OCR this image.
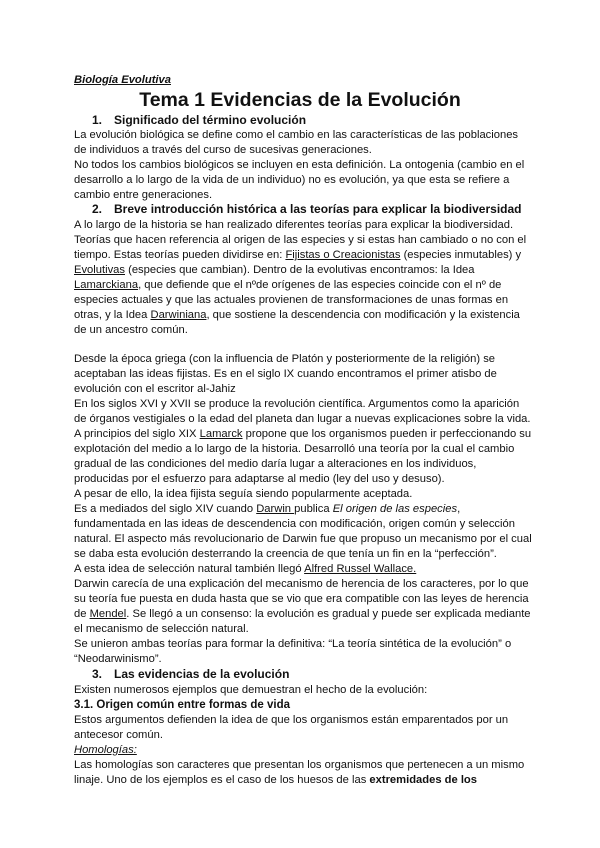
Biología Evolutiva
Tema 1 Evidencias de la Evolución
1. Significado del término evolución
La evolución biológica se define como el cambio en las características de las poblaciones
de individuos a través del curso de sucesivas generaciones.
No todos los cambios biológicos se incluyen en esta definición. La ontogenia (cambio en el
desarrollo a lo largo de la vida de un individuo) no es evolución, ya que esta se refiere a
cambio entre generaciones.
2. Breve introducción histórica a las teorías para explicar la biodiversidad
A lo largo de la historia se han realizado diferentes teorías para explicar la biodiversidad.
Teorías que hacen referencia al origen de las especies y si estas han cambiado o no con el
tiempo. Estas teorías pueden dividirse en: Fijistas o Creacionistas (especies inmutables) y
Evolutivas (especies que cambian). Dentro de la evolutivas encontramos: la Idea
Lamarckiana, que defiende que el nºde orígenes de las especies coincide con el nº de
especies actuales y que las actuales provienen de transformaciones de unas formas en
otras, y la Idea Darwiniana, que sostiene la descendencia con modificación y la existencia
de un ancestro común.
Desde la época griega (con la influencia de Platón y posteriormente de la religión) se
aceptaban las ideas fijistas. Es en el siglo IX cuando encontramos el primer atisbo de
evolución con el escritor al-Jahiz
En los siglos XVI y XVII se produce la revolución científica. Argumentos como la aparición
de órganos vestigiales o la edad del planeta dan lugar a nuevas explicaciones sobre la vida.
A principios del siglo XIX Lamarck propone que los organismos pueden ir perfeccionando su
explotación del medio a lo largo de la historia. Desarrolló una teoría por la cual el cambio
gradual de las condiciones del medio daría lugar a alteraciones en los individuos,
producidas por el esfuerzo para adaptarse al medio (ley del uso y desuso).
A pesar de ello, la idea fijista seguía siendo popularmente aceptada.
Es a mediados del siglo XIV cuando Darwin publica El origen de las especies,
fundamentada en las ideas de descendencia con modificación, origen común y selección
natural. El aspecto más revolucionario de Darwin fue que propuso un mecanismo por el cual
se daba esta evolución desterrando la creencia de que tenía un fin en la “perfección”.
A esta idea de selección natural también llegó Alfred Russel Wallace.
Darwin carecía de una explicación del mecanismo de herencia de los caracteres, por lo que
su teoría fue puesta en duda hasta que se vio que era compatible con las leyes de herencia
de Mendel. Se llegó a un consenso: la evolución es gradual y puede ser explicada mediante
el mecanismo de selección natural.
Se unieron ambas teorías para formar la definitiva: “La teoría sintética de la evolución” o
“Neodarwinismo”.
3. Las evidencias de la evolución
Existen numerosos ejemplos que demuestran el hecho de la evolución:
3.1. Origen común entre formas de vida
Estos argumentos defienden la idea de que los organismos están emparentados por un
antecesor común.
Homologías:
Las homologías son caracteres que presentan los organismos que pertenecen a un mismo
linaje. Uno de los ejemplos es el caso de los huesos de las extremidades de los
